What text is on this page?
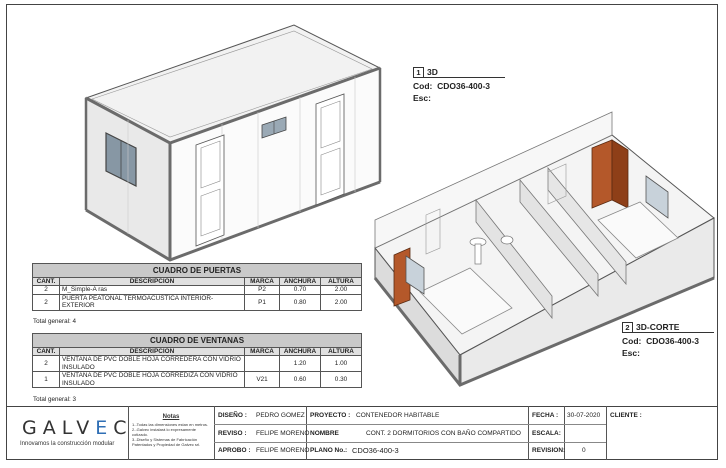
1 3D
Cod: CDO36-400-3
Esc:
2 3D-CORTE
Cod: CDO36-400-3
Esc:
CUADRO DE PUERTAS				
CANT.	DESCRIPCION	MARCA	ANCHURA	ALTURA
2	M_Simple-A ras	P2	0.70	2.00
2	PUERTA PEATONAL TERMOACUSTICA INTERIOR-EXTERIOR	P1	0.80	2.00
Total general: 4
CUADRO DE VENTANAS				
CANT.	DESCRIPCION	MARCA	ANCHURA	ALTURA
2	VENTANA DE PVC DOBLE HOJA CORREDERA CON VIDRIO INSULADO		1.20	1.00
1	VENTANA DE PVC DOBLE HOJA CORREDIZA CON VIDRIO INSULADO	V21	0.60	0.30
Total general: 3
GALVEC
Innovamos la construcción modular
Notas
1.-Todas las dimensiones estan en metros.
2.-Galvec instalará lo expresamente cotizado.
3.-Diseño y Sistemas de Fabricación Patentados y Propiedad de Galvec srl.
DISEÑO : PEDRO GOMEZ
REVISO : FELIPE MORENO
APROBO : FELIPE MORENO
PROYECTO : CONTENEDOR HABITABLE
NOMBRE	CONT. 2 DORMITORIOS CON BAÑO COMPARTIDO
PLANO No.: CDO36-400-3
FECHA : 30-07-2020
ESCALA:
REVISION:	0
CLIENTE :
